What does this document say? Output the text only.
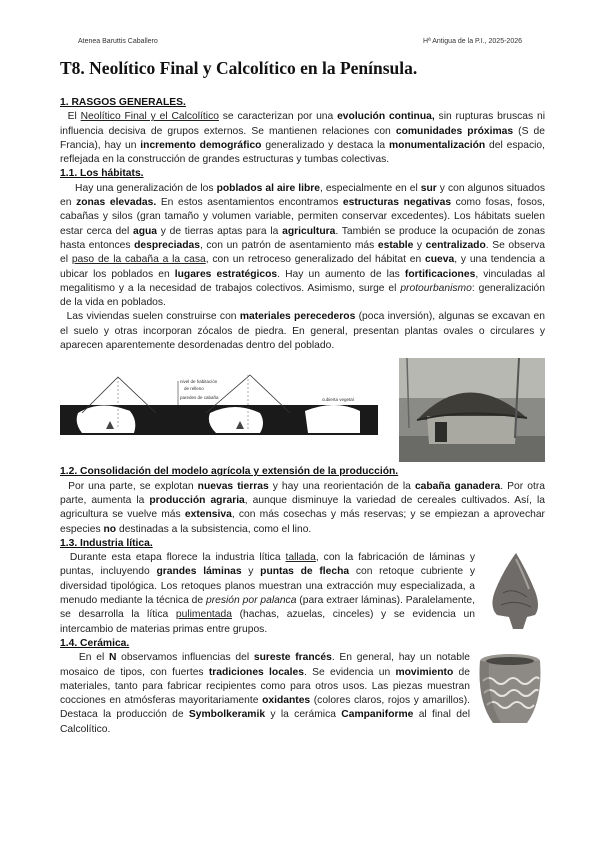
Atenea Baruttis Caballero	Hª Antigua de la P.I., 2025-2026
T8. Neolítico Final y Calcolítico en la Península.
1. RASGOS GENERALES.

El Neolítico Final y el Calcolítico se caracterizan por una evolución continua, sin rupturas bruscas ni influencia decisiva de grupos externos. Se mantienen relaciones con comunidades próximas (S de Francia), hay un incremento demográfico generalizado y destaca la monumentalización del espacio, reflejada en la construcción de grandes estructuras y tumbas colectivas.

1.1. Los hábitats.

Hay una generalización de los poblados al aire libre, especialmente en el sur y con algunos situados en zonas elevadas. En estos asentamientos encontramos estructuras negativas como fosas, fosos, cabañas y silos (gran tamaño y volumen variable, permiten conservar excedentes). Los hábitats suelen estar cerca del agua y de tierras aptas para la agricultura. También se produce la ocupación de zonas hasta entonces despreciadas, con un patrón de asentamiento más estable y centralizado. Se observa el paso de la cabaña a la casa, con un retroceso generalizado del hábitat en cueva, y una tendencia a ubicar los poblados en lugares estratégicos. Hay un aumento de las fortificaciones, vinculadas al megalitismo y a la necesidad de trabajos colectivos. Asimismo, surge el protourbanismo: generalización de la vida en poblados.

Las viviendas suelen construirse con materiales perecederos (poca inversión), algunas se excavan en el suelo y otras incorporan zócalos de piedra. En general, presentan plantas ovales o circulares y aparecen aparentemente desordenadas dentro del poblado.

nivel de habitación
de relleno
paredes de cabaña	cubierta vegetal
1.2. Consolidación del modelo agrícola y extensión de la producción.

Por una parte, se explotan nuevas tierras y hay una reorientación de la cabaña ganadera. Por otra parte, aumenta la producción agraria, aunque disminuye la variedad de cereales cultivados. Así, la agricultura se vuelve más extensiva, con más cosechas y más reservas; y se empiezan a aprovechar especies no destinadas a la subsistencia, como el lino.

1.3. Industria lítica.

Durante esta etapa florece la industria lítica tallada, con la fabricación de láminas y puntas, incluyendo grandes láminas y puntas de flecha con retoque cubriente y diversidad tipológica. Los retoques planos muestran una extracción muy especializada, a menudo mediante la técnica de presión por palanca (para extraer láminas). Paralelamente, se desarrolla la lítica pulimentada (hachas, azuelas, cinceles) y se evidencia un intercambio de materias primas entre grupos.

1.4. Cerámica.

En el N observamos influencias del sureste francés. En general, hay un notable mosaico de tipos, con fuertes tradiciones locales. Se evidencia un movimiento de materiales, tanto para fabricar recipientes como para otros usos. Las piezas muestran cocciones en atmósferas mayoritariamente oxidantes (colores claros, rojos y amarillos). Destaca la producción de Symbolkeramik y la cerámica Campaniforme al final del Calcolítico.
